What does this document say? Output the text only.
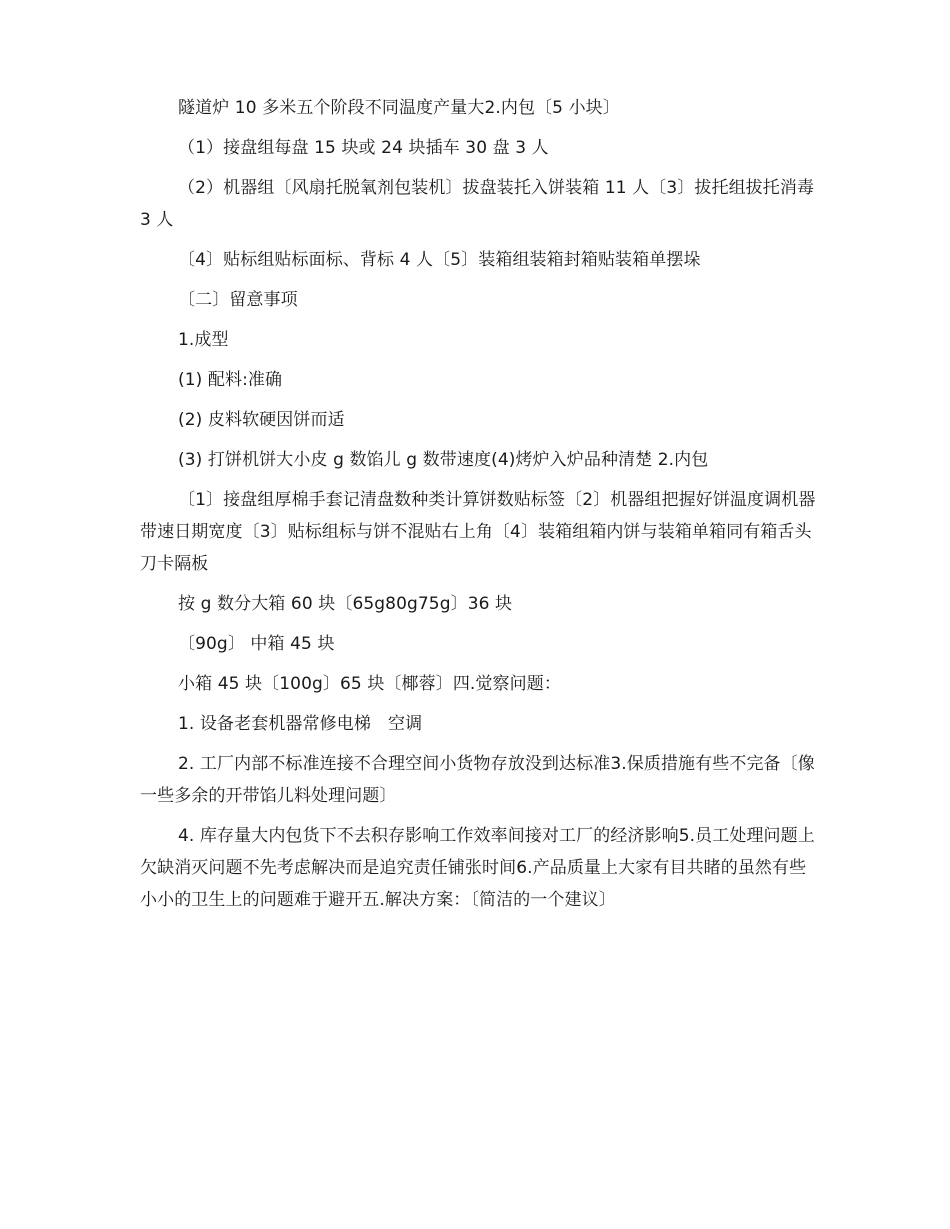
隧道炉 10 多米五个阶段不同温度产量大2.内包〔5 小块〕

（1）接盘组每盘 15 块或 24 块插车 30 盘 3 人

（2）机器组〔风扇托脱氧剂包装机〕拔盘装托入饼装箱 11 人〔3〕拔托组拔托消毒 3 人

〔4〕贴标组贴标面标、背标 4 人〔5〕装箱组装箱封箱贴装箱单摆垛

〔二〕留意事项

1.成型

(1) 配料:准确

(2) 皮料软硬因饼而适

(3) 打饼机饼大小皮 g 数馅儿 g 数带速度(4)烤炉入炉品种清楚 2.内包

〔1〕接盘组厚棉手套记清盘数种类计算饼数贴标签〔2〕机器组把握好饼温度调机器带速日期宽度〔3〕贴标组标与饼不混贴右上角〔4〕装箱组箱内饼与装箱单箱同有箱舌头刀卡隔板

按 g 数分大箱 60 块〔65g80g75g〕36 块

〔90g〕 中箱 45 块

小箱 45 块〔100g〕65 块〔椰蓉〕四.觉察问题：

1. 设备老套机器常修电梯　空调

2. 工厂内部不标准连接不合理空间小货物存放没到达标准3.保质措施有些不完备〔像一些多余的开带馅儿料处理问题〕

4. 库存量大内包货下不去积存影响工作效率间接对工厂的经济影响5.员工处理问题上欠缺消灭问题不先考虑解决而是追究责任铺张时间6.产品质量上大家有目共睹的虽然有些小小的卫生上的问题难于避开五.解决方案：〔简洁的一个建议〕
